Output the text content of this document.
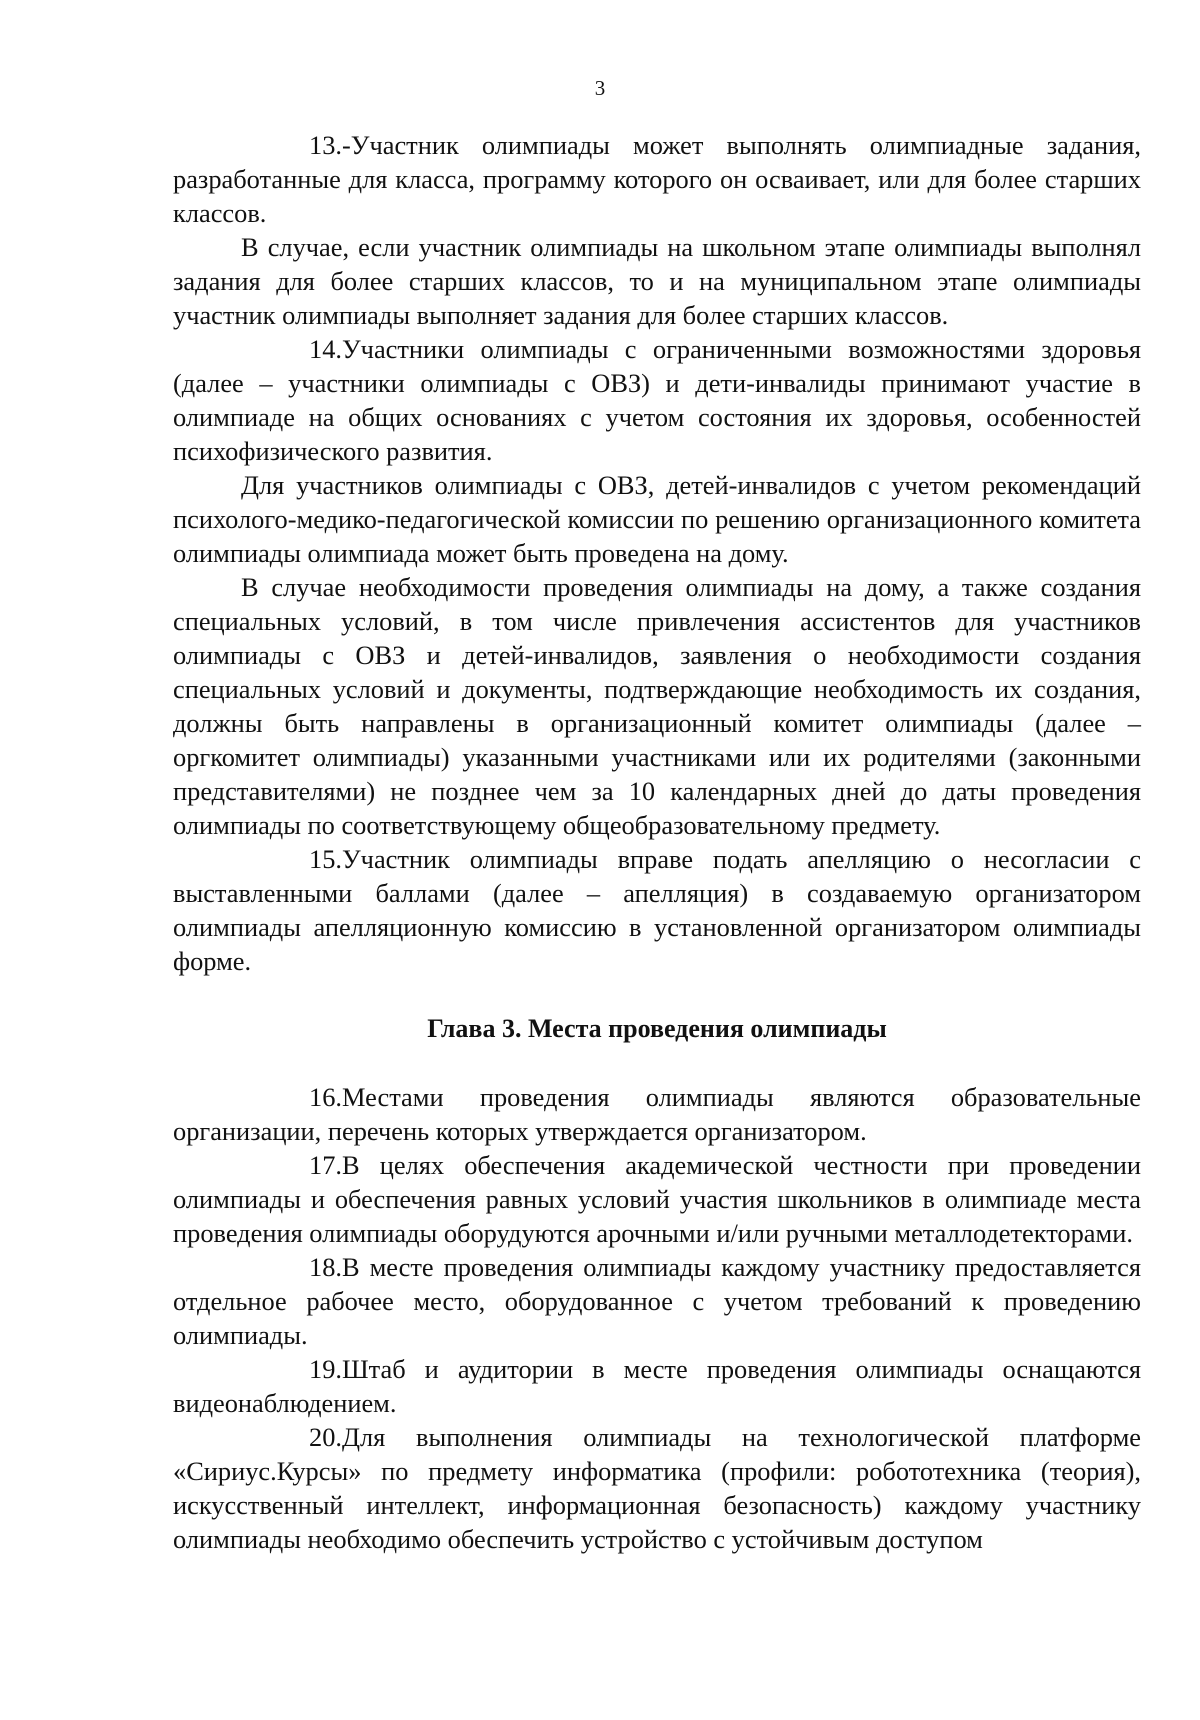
3

13.-Участник олимпиады может выполнять олимпиадные задания, разработанные для класса, программу которого он осваивает, или для более старших классов.

В случае, если участник олимпиады на школьном этапе олимпиады выполнял задания для более старших классов, то и на муниципальном этапе олимпиады участник олимпиады выполняет задания для более старших классов.

14.Участники олимпиады с ограниченными возможностями здоровья (далее – участники олимпиады с ОВЗ) и дети-инвалиды принимают участие в олимпиаде на общих основаниях с учетом состояния их здоровья, особенностей психофизического развития.

Для участников олимпиады с ОВЗ, детей-инвалидов с учетом рекомендаций психолого-медико-педагогической комиссии по решению организационного комитета олимпиады олимпиада может быть проведена на дому.

В случае необходимости проведения олимпиады на дому, а также создания специальных условий, в том числе привлечения ассистентов для участников олимпиады с ОВЗ и детей-инвалидов, заявления о необходимости создания специальных условий и документы, подтверждающие необходимость их создания, должны быть направлены в организационный комитет олимпиады (далее – оргкомитет олимпиады) указанными участниками или их родителями (законными представителями) не позднее чем за 10 календарных дней до даты проведения олимпиады по соответствующему общеобразовательному предмету.

15.Участник олимпиады вправе подать апелляцию о несогласии с выставленными баллами (далее – апелляция) в создаваемую организатором олимпиады апелляционную комиссию в установленной организатором олимпиады форме.

Глава 3. Места проведения олимпиады

16.Местами проведения олимпиады являются образовательные организации, перечень которых утверждается организатором.

17.В целях обеспечения академической честности при проведении олимпиады и обеспечения равных условий участия школьников в олимпиаде места проведения олимпиады оборудуются арочными и/или ручными металлодетекторами.

18.В месте проведения олимпиады каждому участнику предоставляется отдельное рабочее место, оборудованное с учетом требований к проведению олимпиады.

19.Штаб и аудитории в месте проведения олимпиады оснащаются видеонаблюдением.

20.Для выполнения олимпиады на технологической платформе «Сириус.Курсы» по предмету информатика (профили: робототехника (теория), искусственный интеллект, информационная безопасность) каждому участнику олимпиады необходимо обеспечить устройство с устойчивым доступом
